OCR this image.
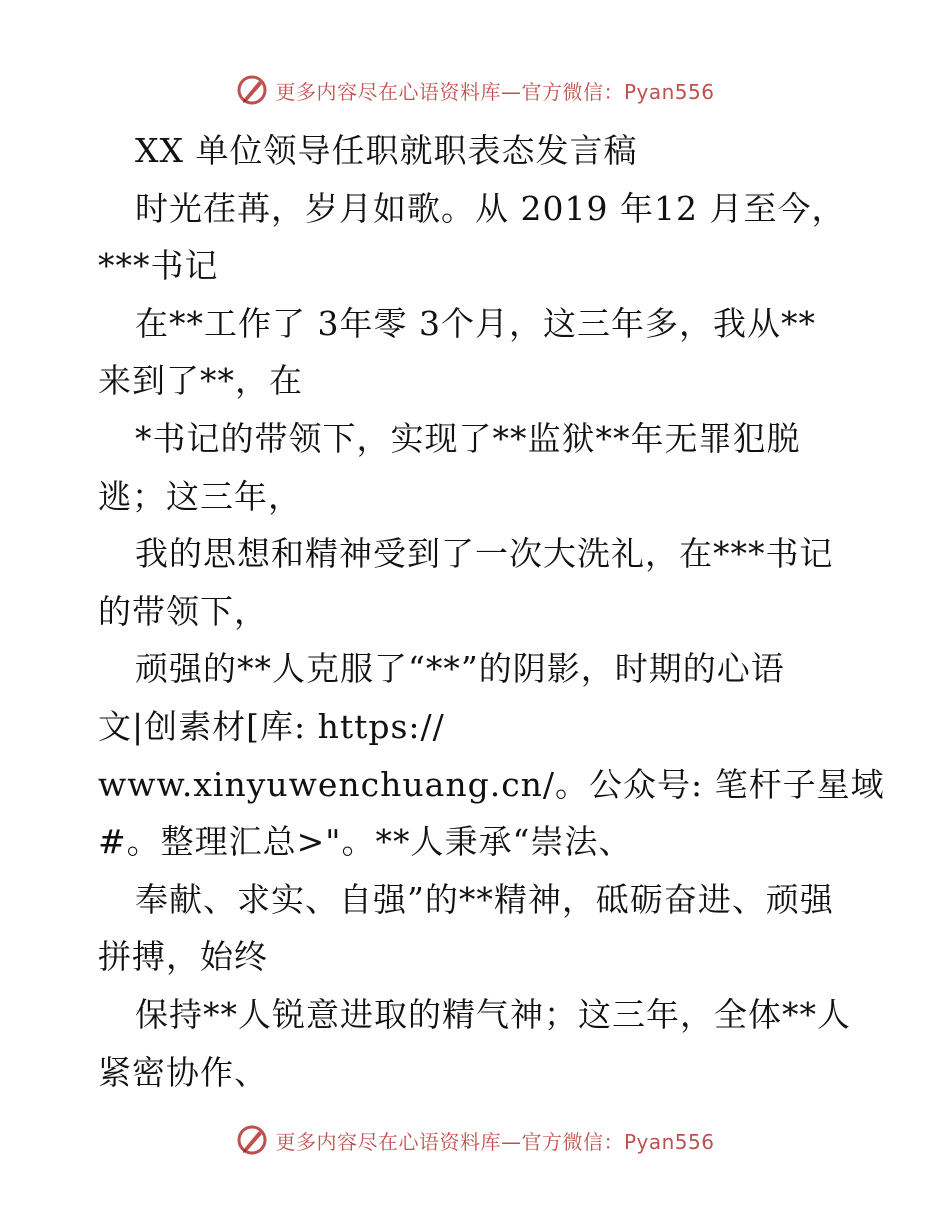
更多内容尽在心语资料库—官方微信：Pyan556
XX 单位领导任职就职表态发言稿
时光荏苒，岁月如歌。从 2019 年12 月至今，
***书记
在**工作了 3年零 3个月，这三年多，我从**
来到了**，在
*书记的带领下，实现了**监狱**年无罪犯脱
逃；这三年，
我的思想和精神受到了一次大洗礼，在***书记
的带领下，
顽强的**人克服了“**”的阴影，时期的心语
文|创素材[库: https://
www.xinyuwenchuang.cn/。公众号: 笔杆子星域
#。整理汇总>"。**人秉承“崇法、
奉献、求实、自强”的**精神，砥砺奋进、顽强
拼搏，始终
保持**人锐意进取的精气神；这三年，全体**人
紧密协作、
更多内容尽在心语资料库—官方微信：Pyan556
